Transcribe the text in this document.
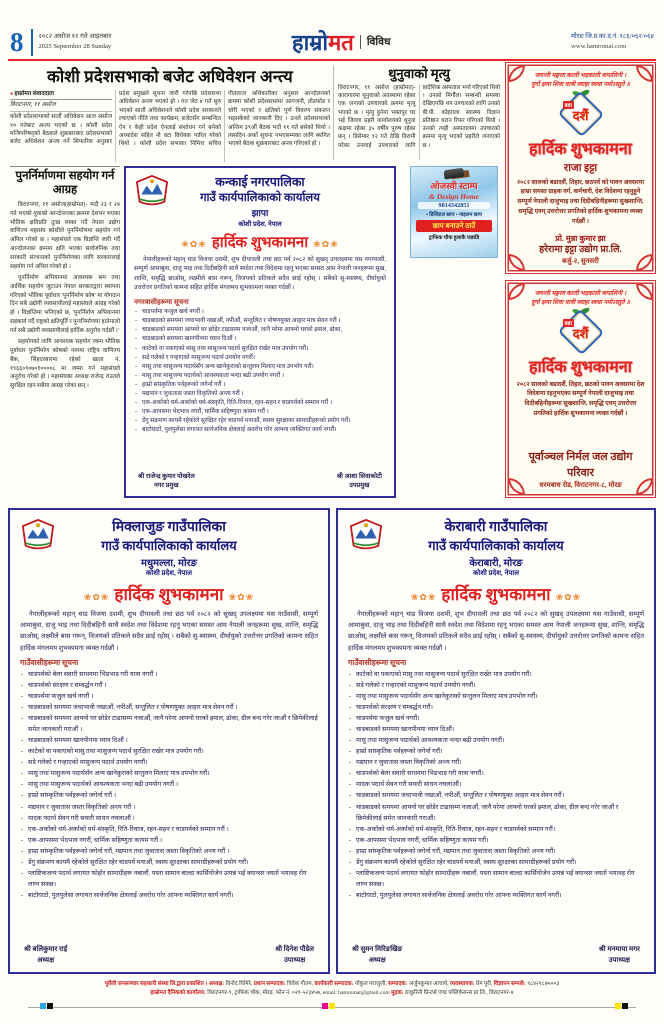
8	२०८२ असोज १२ गते आइतबार
2025 September 28 Sunday	हाम्रो मत	विविध
मोरङ जि.प्र.का.द.नं. १८६/०६२/०६४
www.hamromat.com
कोशी प्रदेशसभाको बजेट अधिवेशन अन्त्य
● हाम्रोमत संवाददाता
विराटनगर, ११ असोज
कोशी प्रदेशसभाको सातौं अधिवेशन आज असोज १० गतेबाट अन्त्य भएको छ । कोशी प्रदेश मन्त्रिपरिषद्को बैठकले शुक्रबारबाट प्रदेशसभाको बजेट अधिवेशन अन्त्य गर्ने सिफारिस अनुसार प्रदेश प्रमुखले सूचना जारी गरेपछि प्रदेशसभा अधिवेशन अन्त्य भएको हो । गत जेठ ४ गते सुरु भएको सातौं अधिवेशनले कोशी प्रदेश सरकारले ल्याएको नीति तथा कार्यक्रम, बजेटसँग सम्बन्धित ऐन र केही प्रदेश ऐनलाई संशोधन गर्न बनेको अध्यादेश सहित नौ वटा विधेयक पारित गरेको थियो । कोशी प्रदेश सभाका निमित्त सचिव गीताराज अधिकारीका अनुसार आन्दोलनको क्रममा कोशी प्रदेशसभामा आगजनी, तोडफोड र चोरी भएको र क्षतिको पूर्ण विवरण संकलन भइसकेको जानकारी दिए । उनले प्रदेशसभाको अन्तिम ३९औं बैठक भदौ ११ गते बसेको थियो । त्यसदिन अर्को सूचना नभएसम्मका लागि स्थगित भएको बैठक शुक्रबारबाट अन्त्य गरिएको हो ।
थुनुवाको मृत्यु
विराटनगर, ११ असोज (हाम्रोमत)- कारागारमा थुनुवाको अवस्थामा रहेका एक जनाको उपचारको क्रममा मृत्यु भएको छ । मृत्यु हुनेमा भक्तपुर घर भई जिल्ला प्रहरी कार्यालयको थुनुवा कक्षमा रहेका ३५ वर्षीय पुरुष रहेका छन् । डिसेम्बर १२ गते देखि विरामी परेका उनलाई उपचारको लागि प्रादेशिक अस्पताल भर्ना गरिएको थियो । उनको मिर्गौला सम्बन्धी समस्या देखिएपछि थप उपचारको लागि उनको बी.पी. कोइराला स्वास्थ्य विज्ञान प्रतिष्ठान धरान रिफर गरिएको थियो । उनको त्यही अस्पतालमा उपचारको क्रममा मृत्यु भएको प्रहरीले जनाएको छ ।
पुनर्निर्माणमा सहयोग गर्न आग्रह

विराटनगर, ११ असोज(हाम्रोमत)- भदौ २३ र २४ गते भएको युवाको आन्दोलनका क्रममा देशभर भएका भौतिक क्षतिप्रति दुःख व्यक्त गर्दै नेपाल उद्योग वाणिज्य महासंघ कोशीले पुनर्निर्माणमा सहयोग गर्न अपिल गरेको छ । महासंघले एक विज्ञप्ति जारी गर्दै आन्दोलनका क्रममा क्षति भएका सार्वजनिक तथा सरकारी संरचनाको पुनर्निर्माणका लागि सरकारलाई सहयोग गर्न अपिल गरेको हो ।

पुनर्निर्माण अभियानमा आवश्यक श्रम तथा आर्थिक सहयोग जुटाउन नेपाल सरकारद्वारा स्थापना गरिएको भौतिक पूर्वाधार 'पुनर्निर्माण कोष' मा योगदान दिन सबै उद्योगी व्यवसायीलाई महासंघले आग्रह गरेको हो । विज्ञप्तिमा भनिएको छ, 'पुनर्निर्माण अभियानमा सहकार्य गर्दै राष्ट्रको क्षतिपूर्ति र पुनःनिर्माणमा हातेमालो गर्न सबै उद्योगी व्यवसायीलाई हार्दिक अनुरोध गर्दछौं ।'

सहयोगको लागि आवश्यक सहयोग रकम भौतिक पूर्वाधार पुनर्निर्माण कोषको नाममा राष्ट्रिय वाणिज्य बैंक, सिंहदरबारमा रहेको खाता नं. १९६६०९०७०१००००८ मा जम्मा गर्न महासंघले अनुरोध गरेको हो । महासंघका अध्यक्ष राजेन्द्र राउतले सुरक्षित रहन सबैमा आग्रह गरेका छन् ।

कन्काई नगरपालिका
गाउँ कार्यपालिकाको कार्यालय
झापा
कोशी प्रदेश, नेपाल
❀✿❀ हार्दिक शुभकामना ❀✿❀

नेपालीहरूको महान् चाड विजया दशमी, शुभ दीपावली तथा छठ पर्व २०८२ को सुखद् उपलक्ष्यमा यस नगरवासी, सम्पूर्ण आमाबुवा, दाजु भाइ तथा दिदीबहिनी साथै स्वदेश तथा विदेशमा रहनु भएका समस्त आम नेपाली जनहरूमा सुख, शान्ति, समृद्धि छाओस्, लक्ष्मीले बास गरून्, विजयको प्रतिकले सदैव छाई रहोस् । सबैको सु-स्वास्थ्य, दीर्घायुको उत्तरोत्तर प्रगतिको कामना सहित हार्दिक मंगलमय शुभकामना व्यक्त गर्दछौं ।

नगरवासीहरूमा सूचना
- चाडपर्वमा फजुल खर्च नगरौं ।
- चाडबाडको समयमा जथाभावी नखाऔं, नपीऔं, सन्तुलित र पोषणयुक्त आहार मात्र सेवन गरौं ।
- चाडबाडको समयमा आफ्नो घर छोडेर टाढासम्म नजाऔं, जानै परेमा आफ्नो घरको झ्याल, ढोका,
- चाडबाडको समयमा खानपीनमा ध्यान दिऔं ।
- काटेको वा पकाएको मासु तथा मासुजन्य पदार्थ सुरक्षित राखेर मात्र उपयोग गरौं।
- सडे गलेको र गन्हाएको मासुजन्य पदार्थ उपयोग नगरौं।
- मासु तथा मासुजन्य पदार्थसँग अन्य खानेकुराको सन्तुलन मिलाए मात्र उपभोग गरौं।
- मासु तथा मासुजन्य पदार्थको आवश्यकता भन्दा बढी उपयोग नगरौं ।
- हाम्रो सांस्कृतिक पर्वहरूको जगेर्ना गरौं ।
- मद्यपान र जुवातास जस्ता विकृतिको अन्त्य गरौं ।
- एक-अर्काको धर्म-अर्काको धर्म-संस्कृति, रिति-रिवाज, रहन-सहन र चाडपर्वको सम्मान गरौं ।
- एक-आपसमा भेदभाव नगरौं, धार्मिक सहिष्णुता कायम गरौं ।
- डेंगु संक्रमण कायमै रहेकोले सुरक्षित रहेर चाडपर्व मनाऔं, स्वस्थ सुरक्षाका सामाग्रीहरूको प्रयोग गरौं।
- बाटोघाटो, पुलपुलेसा लगायत सार्वजनिक क्षेत्रलाई अवरोध गरेर आफ्ना व्यक्तिगत कार्य नगरौं।
श्री राजेन्द्र कुमार पोखरेल
नगर प्रमुख
श्री आशा सिवाकोटी
उपप्रमुख
ओजस्वी स्टाम्प
& Design Home
9814342851
• डिजिटल छाप • नाइलन छाप
छाप बनाउने ठाउँ
ट्राफिक चौक हुलाकै पछाडि
जयन्ती मङ्गला काली भद्रकाली कपालिनी ।
दुर्गा क्षमा शिवा धात्री स्वाहा स्वधा नमोऽस्तुते ॥
बडा
दशैं
हार्दिक शुभकामना
राजा इट्टा

२०८२ सालको बडादशैं, तिहार, छठपर्व को पावन अवसरमा हाम्रा समस्त ग्राहक वर्ग, कर्मचारी, देश विदेशमा रहनुहुने सम्पूर्ण नेपाली दाजुभाइ तथा दिदीबहिनीहरूमा सुखशान्ति, समृद्धि एवम् उत्तरोत्तर प्रगतिको हार्दिक शुभकामना व्यक्त गर्दछौं ।

प्रो. मुन्ना कुमार झा
हरेरामा इट्टा उद्योग प्रा.लि.
बर्जु-२, सुनसरी
जयन्ती मङ्गला काली भद्रकाली कपालिनी ।
दुर्गा क्षमा शिवा धात्री स्वाहा स्वधा नमोऽस्तुते ॥
बडा
दशैं
हार्दिक शुभकामना

२०८२ सालको बडादशैं, तिहार, छठको पावन अवसरमा देश विदेशमा रहनुभएका सम्पूर्ण नेपाली दाजुभाइ तथा दिदीबहिनीहरूमा सुखशान्ति, समृद्धि एवम् उत्तरोत्तर प्रगतिको हार्दिक शुभकामना व्यक्त गर्दछौं ।

पूर्वाञ्चल निर्मल जल उद्योग परिवार
धरमबाध रोड, विराटनगर-८, मोरङ
मिक्लाजुङ गाउँपालिका
गाउँ कार्यपालिकाको कार्यालय
मधुमल्ला, मोरङ
कोशी प्रदेश, नेपाल
❀✿❀ हार्दिक शुभकामना ❀✿❀

नेपालीहरूको महान् चाड विजया दशमी, शुभ दीपावली तथा छठ पर्व २०८२ को सुखद् उपलक्ष्यमा यस गाउँवासी, सम्पूर्ण आमाबुवा, दाजु भाइ तथा दिदीबहिनी साथै स्वदेश तथा विदेशमा रहनु भएका समस्त आम नेपाली जनहरूमा सुख, शान्ति, समृद्धि छाओस्, लक्ष्मीले बास गरून्, विजयको प्रतिकले सदैव छाई रहोस् । सबैको सु-स्वास्थ्य, दीर्घायुको उत्तरोत्तर प्रगतिको कामना सहित हार्दिक मंगलमय शुभकामना व्यक्त गर्दछौं ।

गाउँवासीहरूमा सूचना
- चाडपर्वको बेला सवारी साधनमा भिडभाड गरी यात्रा नगरौं ।
- चाडपर्वको संरक्षण र सम्वर्द्धन गरौं ।
- चाडपर्वमा फजुल खर्च नगरौं ।
- चाडबाडको समयमा जथाभावी नखाऔं, नपीऔं, सन्तुलित र पोषणयुक्त आहार मात्र सेवन गरौं ।
- चाडबाडको समयमा आफ्नो घर छोडेर टाढासम्म नजाऔं, जानै परेमा आफ्नो घरको झ्याल, ढोका, ग्रील बन्द गरेर जाऔं र छिमेकीलाई समेत जानकारी गराऔं ।
- चाडबाडको समयमा खानपीनमा ध्यान दिऔं ।
- काटेको वा पकाएको मासु तथा मासुजन्य पदार्थ सुरक्षित राखेर मात्र उपयोग गरौं।
- सडे गलेको र गन्हाएको मासुजन्य पदार्थ उपयोग नगरौं।
- मासु तथा मासुजन्य पदार्थसँग अन्य खानेकुराको सन्तुलन मिलाए मात्र उपभोग गरौं।
- मासु तथा मासुजन्य पदार्थको आवश्यकता भन्दा बढी उपयोग नगरौं ।
- हाम्रो सांस्कृतिक पर्वहरूको जगेर्ना गरौं ।
- मद्यपान र जुवातास जस्ता विकृतिको अन्त्य गरौं ।
- मादक पदार्थ सेवन गरी सवारी साधन नचलाऔं ।
- एक-अर्काको धर्म-अर्काको धर्म-संस्कृति, रिति-रिवाज, रहन-सहन र चाडपर्वको सम्मान गरौं ।
- एक-आपसमा भेदभाव नगरौं, धार्मिक सहिष्णुता कायम गरौं ।
- हाम्रा सांस्कृतिक पर्वहरूको जगेर्ना गरौं, मद्यपान तथा जुवातास जस्ता विकृतिको अन्त्य गरौं ।
- डेंगु संक्रमण कायमै रहेकोले सुरक्षित रहेर चाडपर्व मनाऔं, स्वस्थ सुरक्षाका सामाग्रीहरूको प्रयोग गरौं।
- प्लाष्टिकजन्य पदार्थ लगायत फोहोर सामाग्रीहरू नबालौं, यस्ता सामान बाल्दा कार्सिनोजेन उत्पन्न भई क्यान्सर जस्तो भयावह रोग लाग्न सक्छ।
- बाटोघाटो, पुलपुलेसा लगायत सार्वजनिक क्षेत्रलाई अवरोध गरेर आफ्ना व्यक्तिगत कार्य नगरौं।
श्री बलिकुमार राई
अध्यक्ष
श्री दिनेश पौडेल
उपाध्यक्ष
केराबारी गाउँपालिका
गाउँ कार्यपालिकाको कार्यालय
केराबारी, मोरङ
कोशी प्रदेश, नेपाल
❀✿❀ हार्दिक शुभकामना ❀✿❀

नेपालीहरूको महान् चाड विजया दशमी, शुभ दीपावली तथा छठ पर्व २०८२ को सुखद् उपलक्ष्यमा यस गाउँवासी, सम्पूर्ण आमाबुवा, दाजु भाइ तथा दिदीबहिनी साथै स्वदेश तथा विदेशमा रहनु भएका समस्त आम नेपाली जनहरूमा सुख, शान्ति, समृद्धि छाओस्, लक्ष्मीले बास गरून्, विजयको प्रतिकले सदैव छाई रहोस् । सबैको सु-स्वास्थ्य, दीर्घायुको उत्तरोत्तर प्रगतिको कामना सहित हार्दिक मंगलमय शुभकामना व्यक्त गर्दछौं ।

गाउँवासीहरूमा सूचना
- काटेको वा पकाएको मासु तथा मासुजन्य पदार्थ सुरक्षित राखेर मात्र उपयोग गरौं।
- सडे गलेको र गन्हाएको मासुजन्य पदार्थ उपयोग नगरौं।
- मासु तथा मासुजन्य पदार्थसँग अन्य खानेकुराको सन्तुलन मिलाए मात्र उपभोग गरौं।
- चाडपर्वको संरक्षण र सम्वर्द्धन गरौं।
- चाडपर्वमा फजुल खर्च नगरौं।
- चाडबाडको समयमा खानपीनमा ध्यान दिऔं।
- मासु तथा मासुजन्य पदार्थको आवश्यकता भन्दा बढी उपयोग नगरौं।
- हाम्रो सांस्कृतिक पर्वहरूको जगेर्ना गरौं।
- मद्यपान र जुवातास जस्ता विकृतिको अन्त्य गरौं।
- चाडपर्वको बेला सवारी साधनमा भिडभाड गरी यात्रा नगरौं।
- मादक पदार्थ सेवन गरी सवारी साधन नचलाऔं।
- चाडबाडको समयमा जथाभावी नखाऔं, नपीऔं, सन्तुलित र पोषणयुक्त आहार मात्र सेवन गरौं।
- चाडबाडको समयमा आफ्नो घर छोडेर टाढासम्म नजाऔं, जानै परेमा आफ्नो घरको झ्याल, ढोका, ग्रील बन्द गरेर जाऔं र छिमेकीलाई समेत जानकारी गराऔं।
- एक-अर्काको धर्म-अर्काको धर्म-संस्कृति, रिति-रिवाज, रहन-सहन र चाडपर्वको सम्मान गरौं।
- एक-आपसमा भेदभाव नगरौं, धार्मिक सहिष्णुता कायम गरौं।
- हाम्रा सांस्कृतिक पर्वहरूको जगेर्ना गरौं, मद्यपान तथा जुवातास जस्ता विकृतिको अन्त्य गरौं।
- डेंगु संक्रमण कायमै रहेकोले सुरक्षित रहेर चाडपर्व मनाऔं, स्वस्थ सुरक्षाका सामाग्रीहरूको प्रयोग गरौं।
- प्लाष्टिकजन्य पदार्थ लगायत फोहोर सामाग्रीहरू नबालौं, यस्ता सामान बाल्दा कार्सिनोजेन उत्पन्न भई क्यान्सर जस्तो भयावह रोग लाग्न सक्छ।
- बाटोघाटो, पुलपुलेसा लगायत सार्वजनिक क्षेत्रलाई अवरोध गरेर आफ्ना व्यक्तिगत कार्य नगरौं।
श्री सुमन मिरिङखिङ
अध्यक्ष
श्री मनमाया मगर
उपाध्यक्ष
पूर्वेली जनसञ्चार सहकारी संस्था लि.द्वारा प्रकाशित । अध्यक्ष: विनोद घिमिरे, प्रधान सम्पादक: विवेक गौतम, कार्यकारी सम्पादक: गोकुल पराजुली, सम्पादक: अर्जुनकुमार आचार्य, व्यवस्थापक: प्रेम पुरी, विज्ञापन सम्पर्क: ९८४२१८७५००३
हाम्रोमत दैनिकको कार्यालय: विराटनगर-९, ट्राफिक चोक, मोरङ, फोन नं. ०२१-५२३४५७, email: hamromat@gmail.com मुद्रक: ठाकुरिनी प्रिन्टर्स एण्ड पब्लिकेसन्स प्रा.लि., विराटनगर-४
